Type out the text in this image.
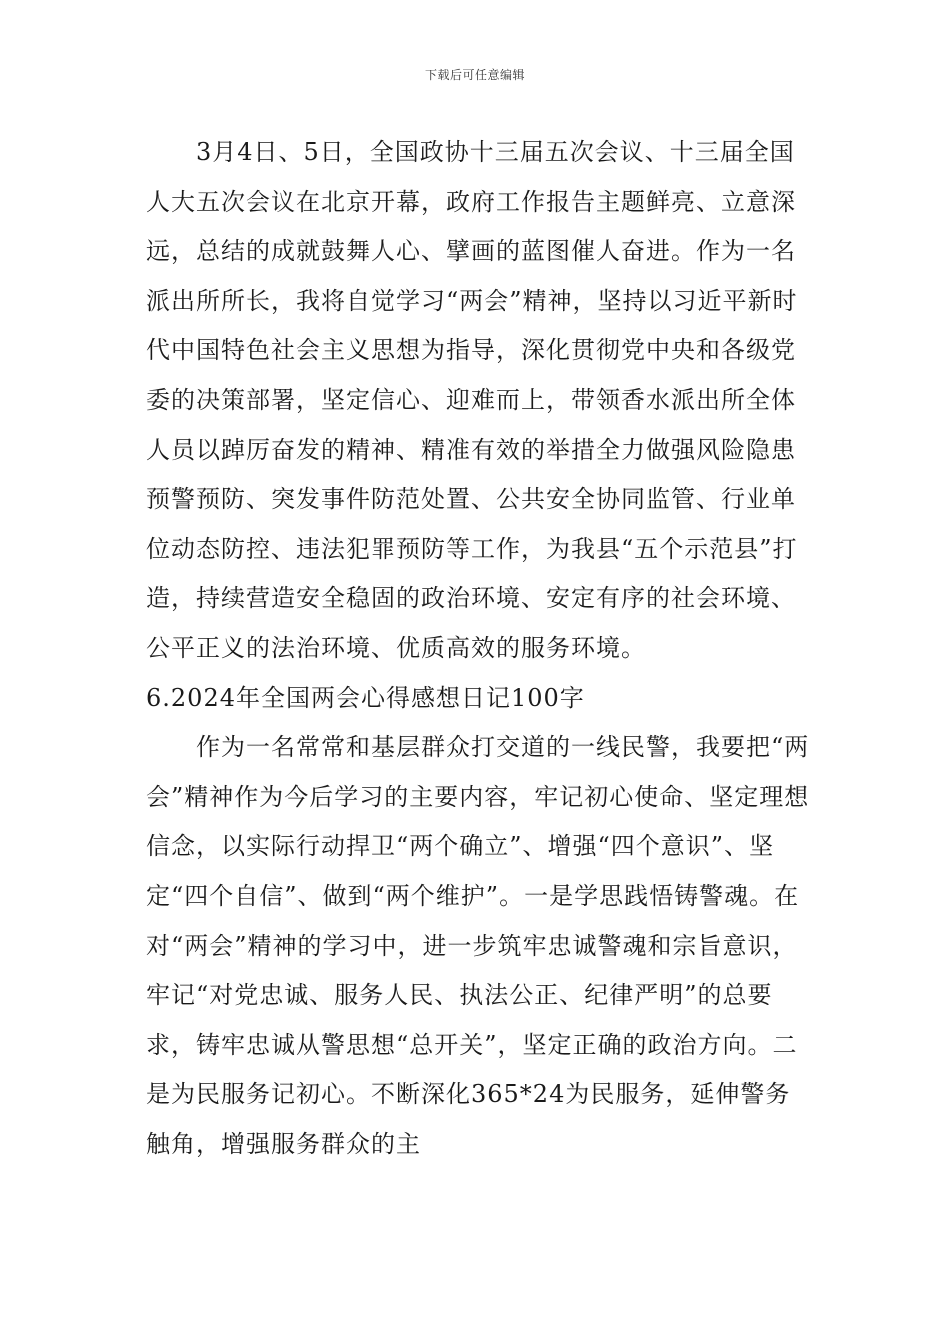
下载后可任意编辑

3月4日、5日，全国政协十三届五次会议、十三届全国人大五次会议在北京开幕，政府工作报告主题鲜亮、立意深远，总结的成就鼓舞人心、擘画的蓝图催人奋进。作为一名派出所所长，我将自觉学习“两会”精神，坚持以习近平新时代中国特色社会主义思想为指导，深化贯彻党中央和各级党委的决策部署，坚定信心、迎难而上，带领香水派出所全体人员以踔厉奋发的精神、精准有效的举措全力做强风险隐患预警预防、突发事件防范处置、公共安全协同监管、行业单位动态防控、违法犯罪预防等工作，为我县“五个示范县”打造，持续营造安全稳固的政治环境、安定有序的社会环境、公平正义的法治环境、优质高效的服务环境。

6.2024年全国两会心得感想日记100字

作为一名常常和基层群众打交道的一线民警，我要把“两会”精神作为今后学习的主要内容，牢记初心使命、坚定理想信念，以实际行动捍卫“两个确立”、增强“四个意识”、坚定“四个自信”、做到“两个维护”。一是学思践悟铸警魂。在对“两会”精神的学习中，进一步筑牢忠诚警魂和宗旨意识，牢记“对党忠诚、服务人民、执法公正、纪律严明”的总要求，铸牢忠诚从警思想“总开关”，坚定正确的政治方向。二是为民服务记初心。不断深化365*24为民服务，延伸警务触角，增强服务群众的主
